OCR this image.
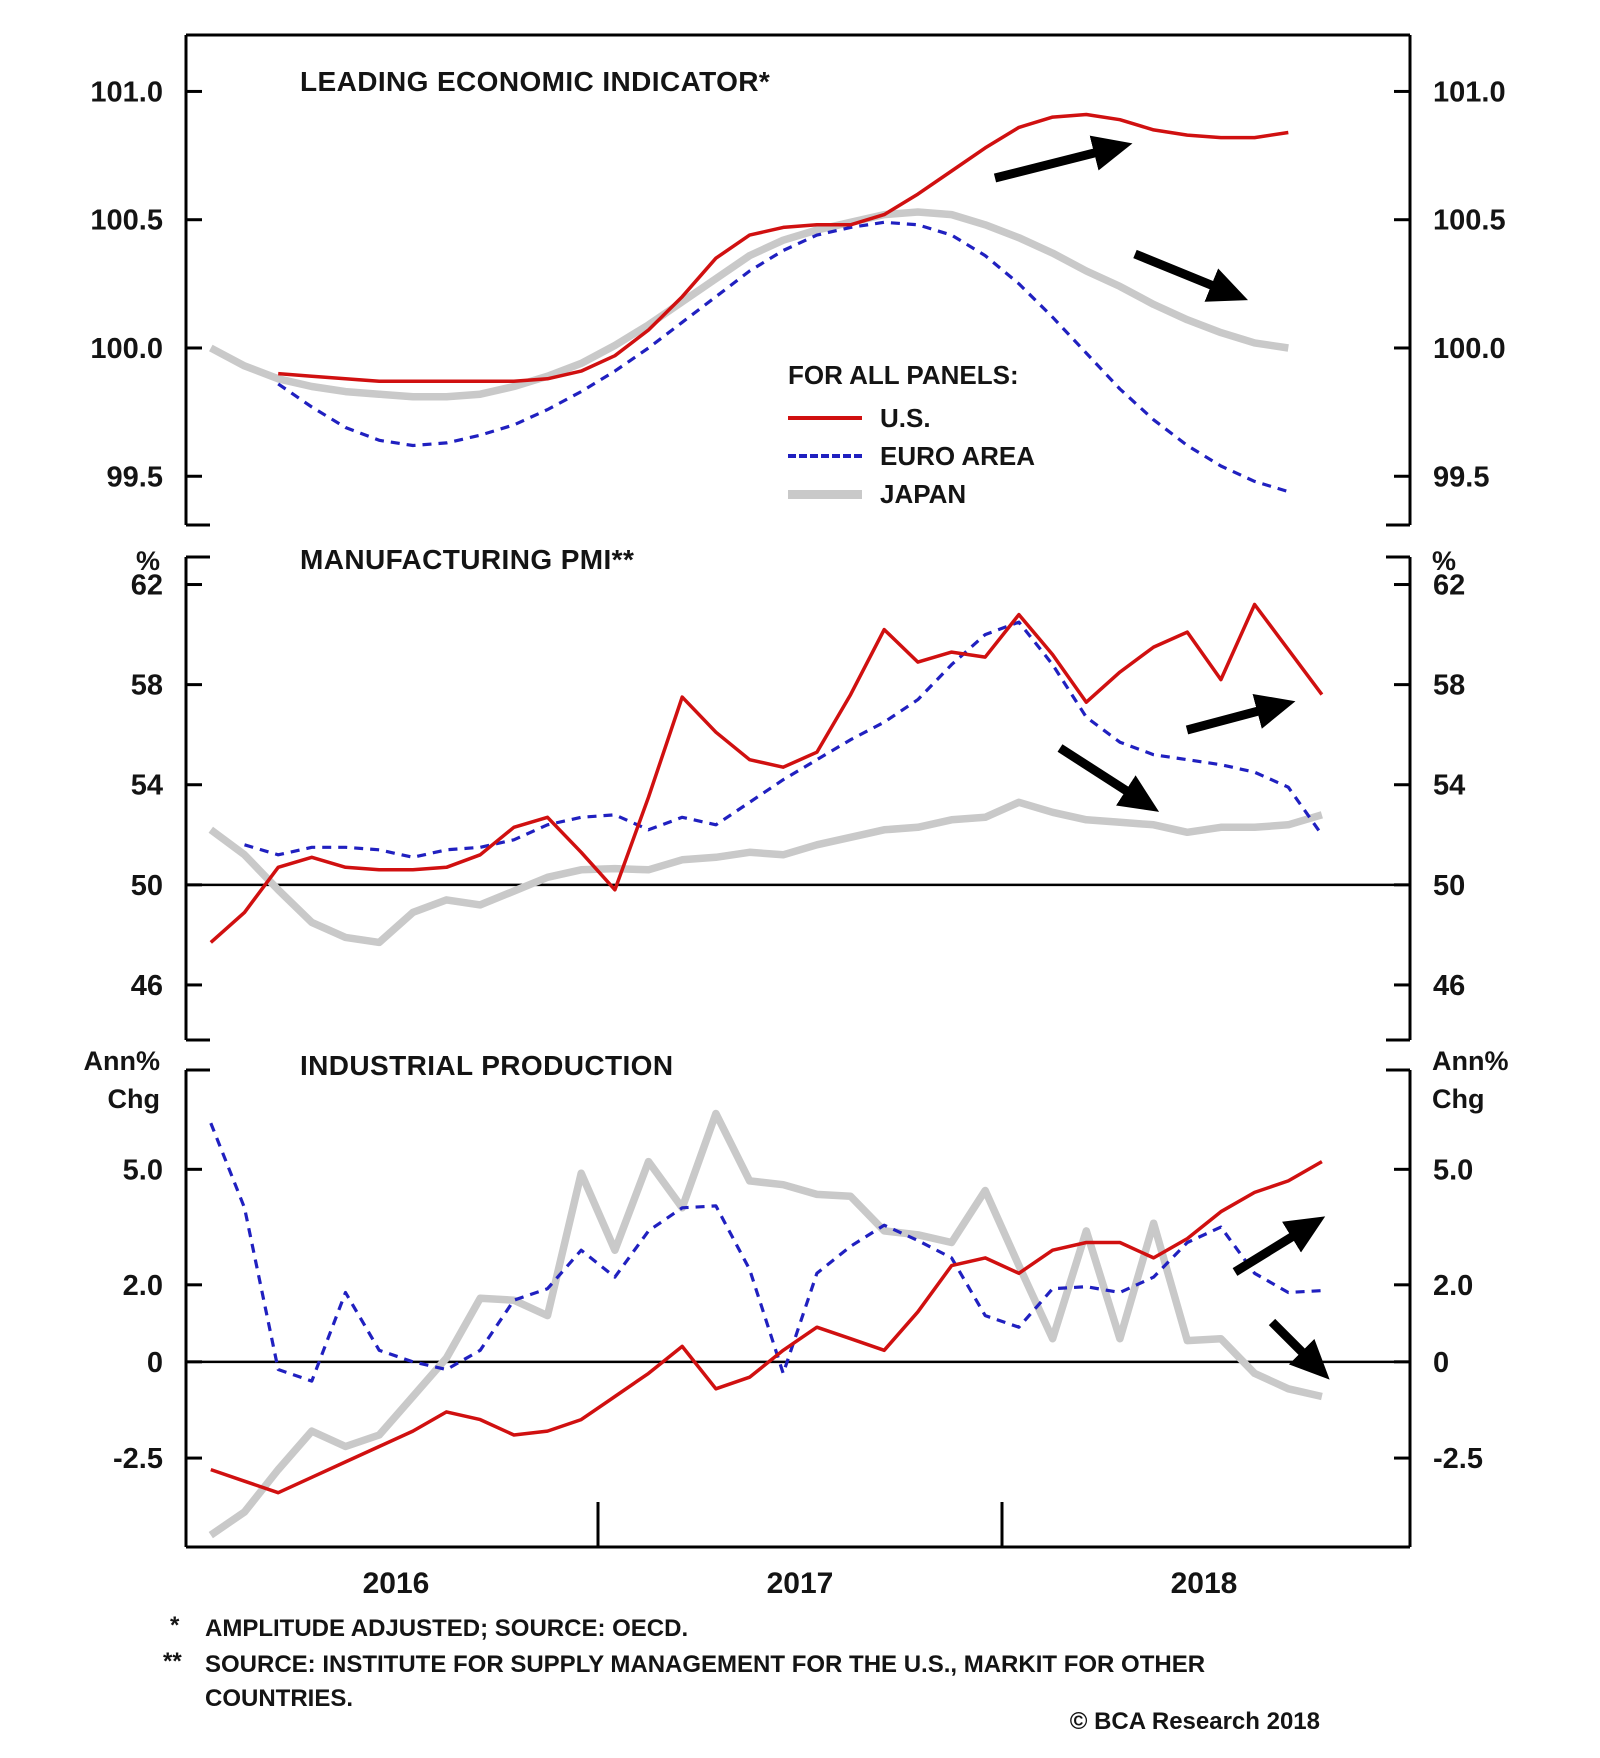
101.0	101.0
100.5	100.5
100.0	100.0
99.5	99.5
62	62
58	58
54	54
50	50
46	46
5.0	5.0
2.0	2.0
0	0
-2.5	-2.5
2016	2017	2018
LEADING ECONOMIC INDICATOR*
MANUFACTURING PMI**
INDUSTRIAL PRODUCTION
%	%
Ann%
Chg
Ann%
Chg
FOR ALL PANELS:
U.S.
EURO AREA
JAPAN
* AMPLITUDE ADJUSTED; SOURCE: OECD.
** SOURCE: INSTITUTE FOR SUPPLY MANAGEMENT FOR THE U.S., MARKIT FOR OTHER COUNTRIES.
© BCA Research 2018
